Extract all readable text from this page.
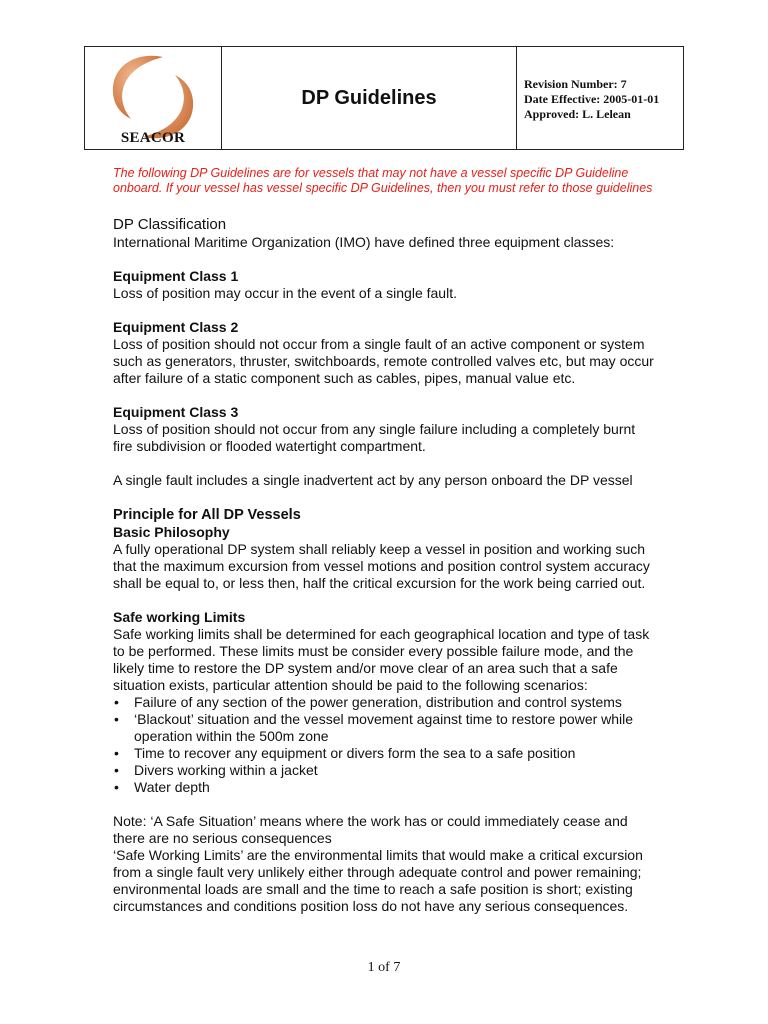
SEACOR
DP Guidelines
Revision Number: 7
Date Effective: 2005-01-01
Approved: L. Lelean

The following DP Guidelines are for vessels that may not have a vessel specific DP Guideline onboard. If your vessel has vessel specific DP Guidelines, then you must refer to those guidelines

DP Classification

International Maritime Organization (IMO) have defined three equipment classes:

Equipment Class 1

Loss of position may occur in the event of a single fault.

Equipment Class 2

Loss of position should not occur from a single fault of an active component or system such as generators, thruster, switchboards, remote controlled valves etc, but may occur after failure of a static component such as cables, pipes, manual value etc.

Equipment Class 3

Loss of position should not occur from any single failure including a completely burnt fire subdivision or flooded watertight compartment.

A single fault includes a single inadvertent act by any person onboard the DP vessel

Principle for All DP Vessels
Basic Philosophy

A fully operational DP system shall reliably keep a vessel in position and working such that the maximum excursion from vessel motions and position control system accuracy shall be equal to, or less then, half the critical excursion for the work being carried out.

Safe working Limits

Safe working limits shall be determined for each geographical location and type of task to be performed. These limits must be consider every possible failure mode, and the likely time to restore the DP system and/or move clear of an area such that a safe situation exists, particular attention should be paid to the following scenarios:

• Failure of any section of the power generation, distribution and control systems
• ‘Blackout’ situation and the vessel movement against time to restore power while operation within the 500m zone
• Time to recover any equipment or divers form the sea to a safe position
• Divers working within a jacket
• Water depth

Note: ‘A Safe Situation’ means where the work has or could immediately cease and there are no serious consequences

‘Safe Working Limits’ are the environmental limits that would make a critical excursion from a single fault very unlikely either through adequate control and power remaining; environmental loads are small and the time to reach a safe position is short; existing circumstances and conditions position loss do not have any serious consequences.

1 of 7
